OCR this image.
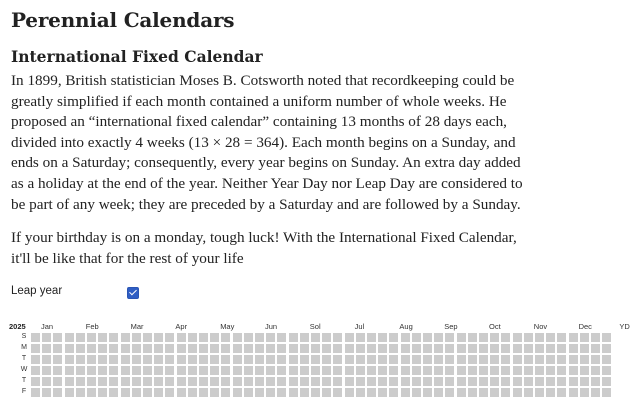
Perennial Calendars
International Fixed Calendar
In 1899, British statistician Moses B. Cotsworth noted that recordkeeping could be
greatly simplified if each month contained a uniform number of whole weeks. He
proposed an “international fixed calendar” containing 13 months of 28 days each,
divided into exactly 4 weeks (13 × 28 = 364). Each month begins on a Sunday, and
ends on a Saturday; consequently, every year begins on Sunday. An extra day added
as a holiday at the end of the year. Neither Year Day nor Leap Day are considered to
be part of any week; they are preceded by a Saturday and are followed by a Sunday.
If your birthday is on a monday, tough luck! With the International Fixed Calendar,
it'll be like that for the rest of your life
Leap year
2025 Jan	Feb	Mar	Apr	May	Jun	Sol	Jul	Aug	Sep	Oct	Nov	Dec	YD
S
M
T
W
T
F
